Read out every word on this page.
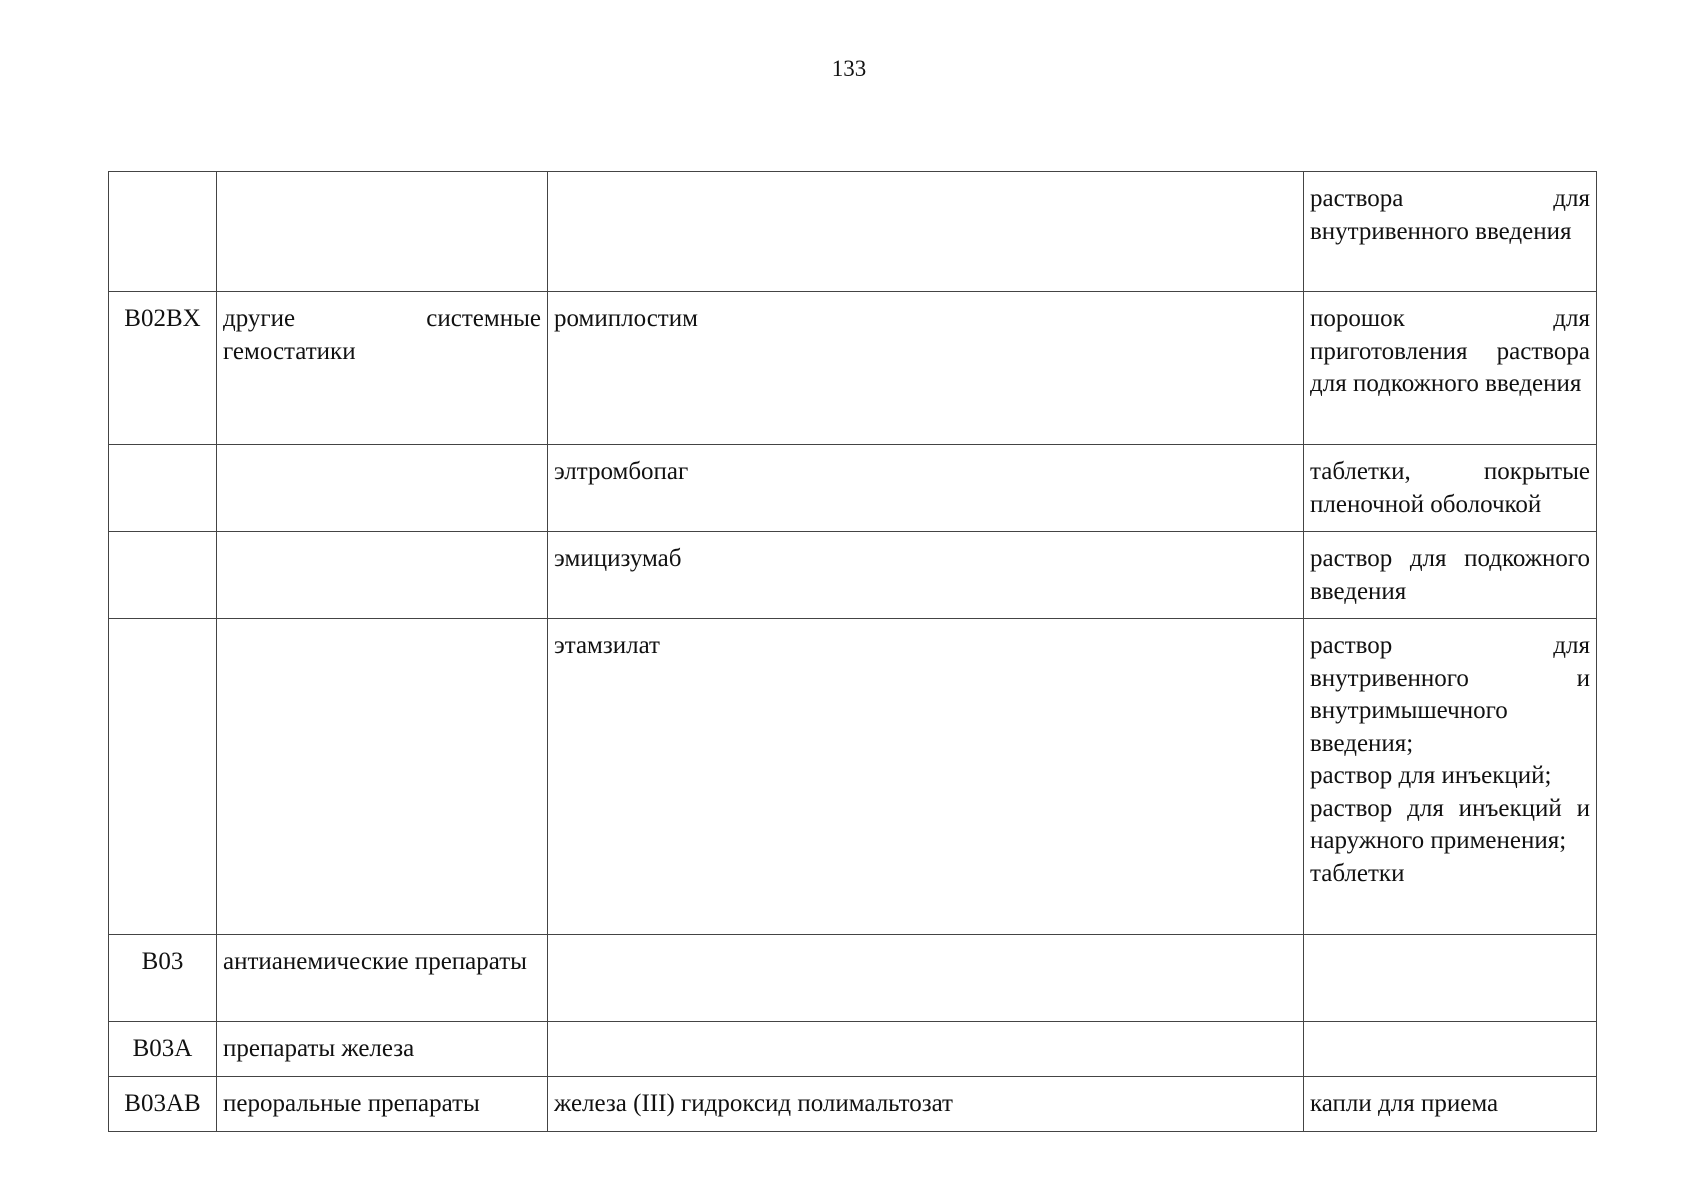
133

			раствора для внутривенного введения

B02BX	другие системные гемостатики	ромиплостим	порошок для приготовления раствора для подкожного введения

		элтромбопаг	таблетки, покрытые пленочной оболочкой

		эмицизумаб	раствор для подкожного введения

		этамзилат	раствор для внутривенного и внутримышечного введения;
раствор для инъекций;
раствор для инъекций и наружного применения;
таблетки

B03	антианемические препараты		
B03A	препараты железа		
B03AB	пероральные препараты	железа (III) гидроксид полимальтозат	капли для приема
